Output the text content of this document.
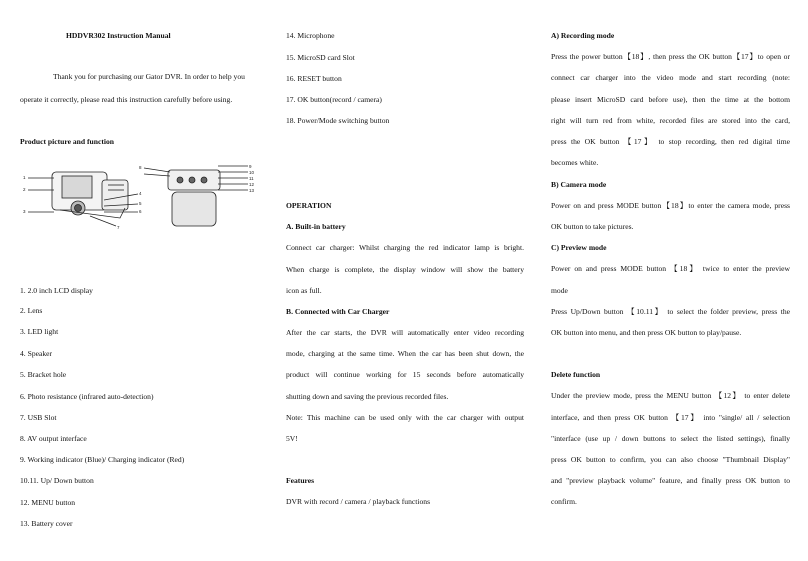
HDDVR302 Instruction Manual
Thank you for purchasing our Gator DVR. In order to help you
operate it correctly, please read this instruction carefully before using.
Product picture and function
1
2
3
4
5
6
7
8	9
10
11
12
13
1. 2.0 inch LCD display
2. Lens
3. LED light
4. Speaker
5. Bracket hole
6. Photo resistance (infrared auto-detection)
7. USB Slot
8. AV output interface
9. Working indicator (Blue)/ Charging indicator (Red)
10.11. Up/ Down button
12. MENU button
13. Battery cover
14. Microphone
15. MicroSD card Slot
16. RESET button
17. OK button(record / camera)
18. Power/Mode switching button
OPERATION
A. Built-in battery
Connect car charger: Whilst charging the red indicator lamp is bright.
When charge is complete, the display window will show the battery
icon as full.
B. Connected with Car Charger
After the car starts, the DVR will automatically enter video recording
mode, charging at the same time. When the car has been shut down, the
product will continue working for 15 seconds before automatically
shutting down and saving the previous recorded files.
Note: This machine can be used only with the car charger with output
5V!
Features
DVR with record / camera / playback functions
A) Recording mode
Press the power button【18】, then press the OK button【17】to open or
connect car charger into the video mode and start recording (note:
please insert MicroSD card before use), then the time at the bottom
right will turn red from white, recorded files are stored into the card,
press the OK button 【17】 to stop recording, then red digital time
becomes white.
B) Camera mode
Power on and press MODE button【18】to enter the camera mode, press
OK button to take pictures.
C) Preview mode
Power on and press MODE button 【18】 twice to enter the preview
mode
Press Up/Down button 【10.11】 to select the folder preview, press the
OK button into menu, and then press OK button to play/pause.
Delete function
Under the preview mode, press the MENU button 【12】 to enter delete
interface, and then press OK button 【17】 into "single/ all / selection
"interface (use up / down buttons to select the listed settings), finally
press OK button to confirm, you can also choose "Thumbnail Display"
and "preview playback volume" feature, and finally press OK button to
confirm.
